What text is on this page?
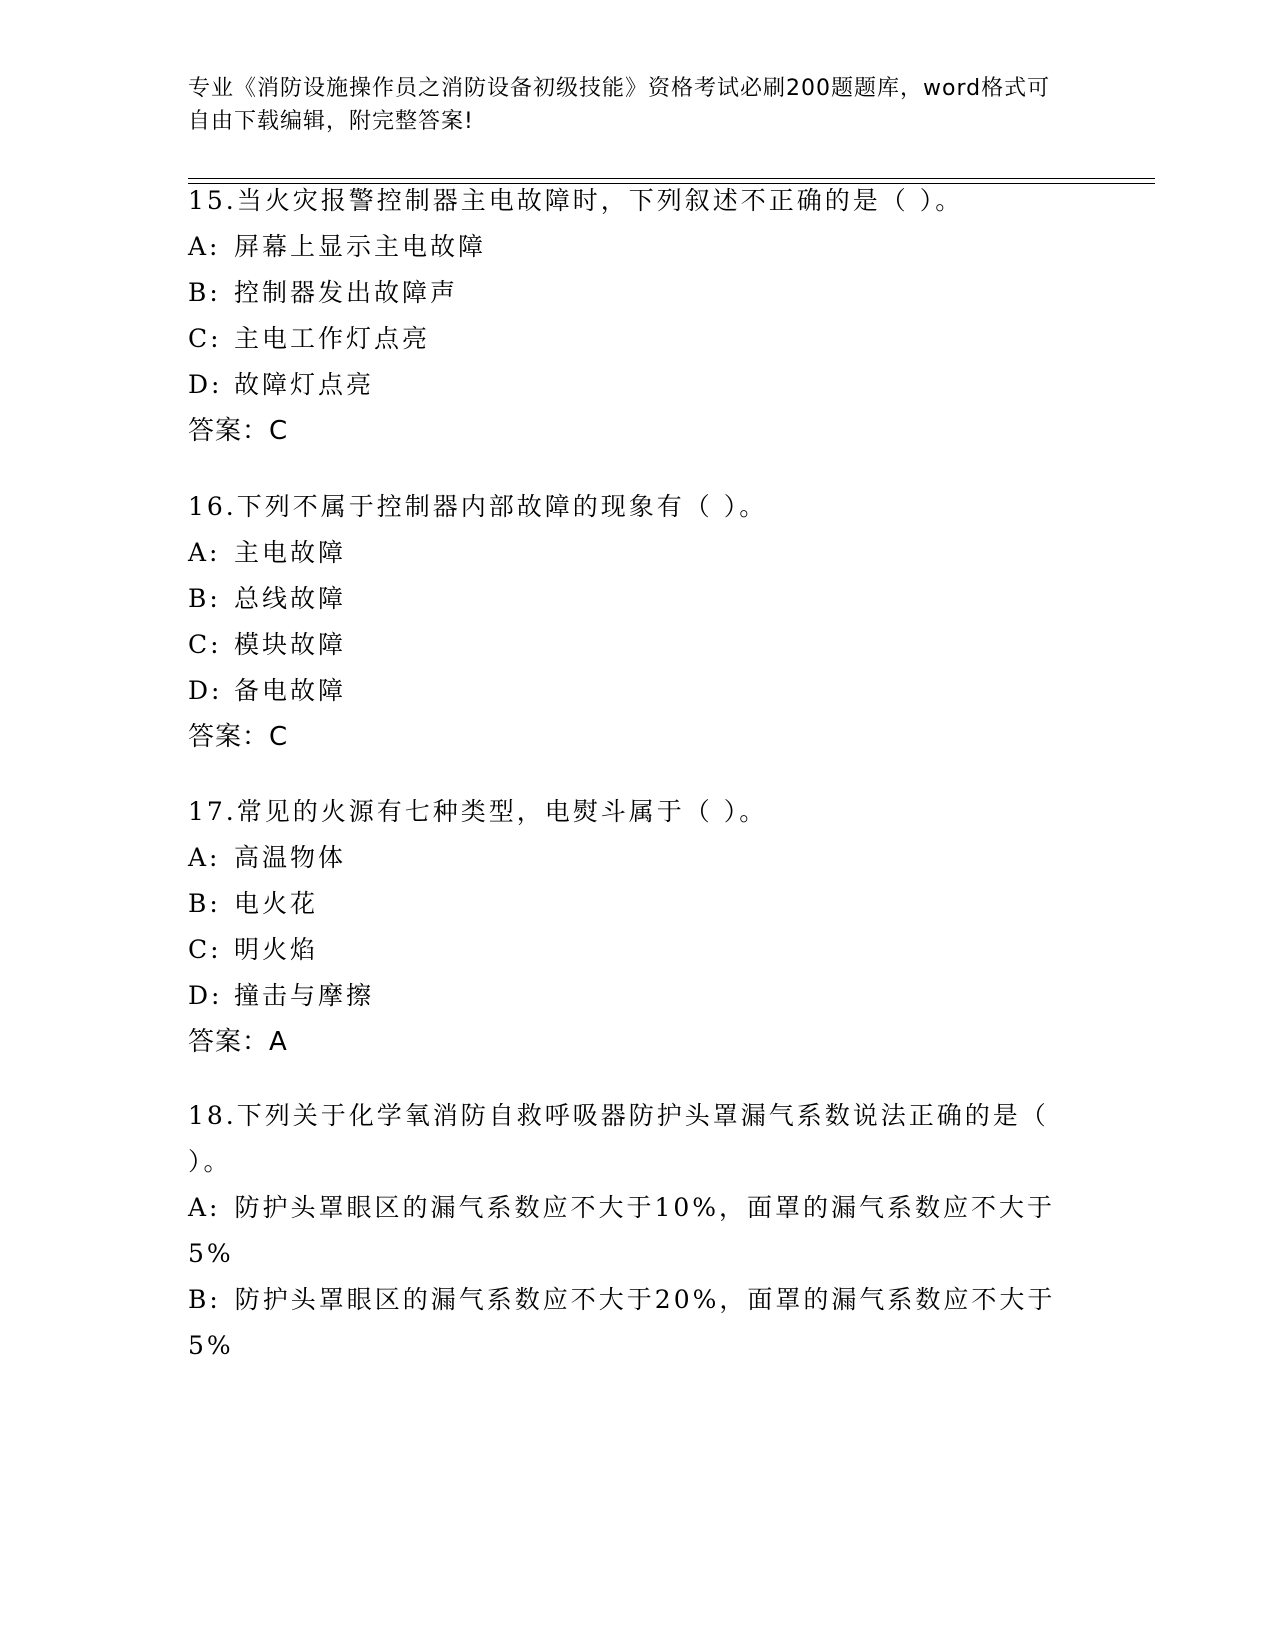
专业《消防设施操作员之消防设备初级技能》资格考试必刷200题题库，word格式可自由下载编辑，附完整答案!
15.当火灾报警控制器主电故障时，下列叙述不正确的是（ ）。
A: 屏幕上显示主电故障
B: 控制器发出故障声
C: 主电工作灯点亮
D: 故障灯点亮
答案：C
16.下列不属于控制器内部故障的现象有（ ）。
A: 主电故障
B: 总线故障
C: 模块故障
D: 备电故障
答案：C
17.常见的火源有七种类型，电熨斗属于（ ）。
A: 高温物体
B: 电火花
C: 明火焰
D: 撞击与摩擦
答案：A
18.下列关于化学氧消防自救呼吸器防护头罩漏气系数说法正确的是（ ）。
A: 防护头罩眼区的漏气系数应不大于10%，面罩的漏气系数应不大于5%
B: 防护头罩眼区的漏气系数应不大于20%，面罩的漏气系数应不大于5%
